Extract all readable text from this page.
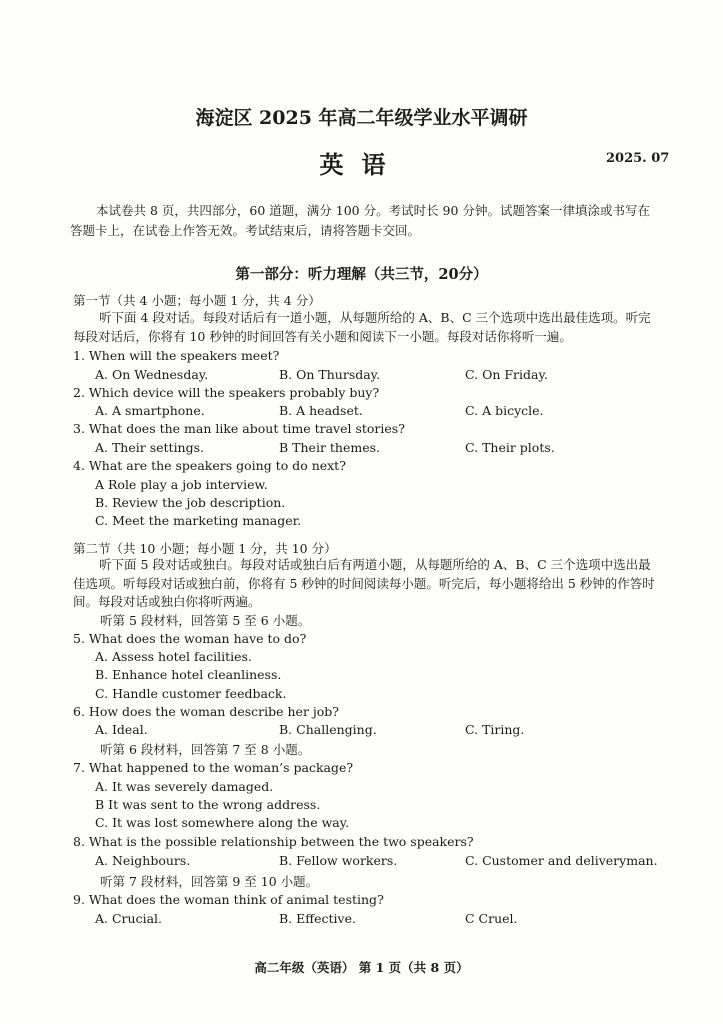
海淀区 2025 年高二年级学业水平调研
英语	2025. 07
本试卷共 8 页，共四部分，60 道题，满分 100 分。考试时长 90 分钟。试题答案一律填涂或书写在答题卡上，在试卷上作答无效。考试结束后，请将答题卡交回。
第一部分：听力理解（共三节，20分）
第一节（共 4 小题；每小题 1 分，共 4 分）
听下面 4 段对话。每段对话后有一道小题，从每题所给的 A、B、C 三个选项中选出最佳选项。听完每段对话后，你将有 10 秒钟的时间回答有关小题和阅读下一小题。每段对话你将听一遍。
1. When will the speakers meet?
A. On Wednesday.	B. On Thursday.	C. On Friday.
2. Which device will the speakers probably buy?
A. A smartphone.	B. A headset.	C. A bicycle.
3. What does the man like about time travel stories?
A. Their settings.	B Their themes.	C. Their plots.
4. What are the speakers going to do next?
A Role play a job interview.
B. Review the job description.
C. Meet the marketing manager.
第二节（共 10 小题；每小题 1 分，共 10 分）
听下面 5 段对话或独白。每段对话或独白后有两道小题，从每题所给的 A、B、C 三个选项中选出最佳选项。听每段对话或独白前，你将有 5 秒钟的时间阅读每小题。听完后，每小题将给出 5 秒钟的作答时间。每段对话或独白你将听两遍。
听第 5 段材料，回答第 5 至 6 小题。
5. What does the woman have to do?
A. Assess hotel facilities.
B. Enhance hotel cleanliness.
C. Handle customer feedback.
6. How does the woman describe her job?
A. Ideal.	B. Challenging.	C. Tiring.
听第 6 段材料，回答第 7 至 8 小题。
7. What happened to the woman’s package?
A. It was severely damaged.
B It was sent to the wrong address.
C. It was lost somewhere along the way.
8. What is the possible relationship between the two speakers?
A. Neighbours.	B. Fellow workers.	C. Customer and deliveryman.
听第 7 段材料，回答第 9 至 10 小题。
9. What does the woman think of animal testing?
A. Crucial.	B. Effective.	C Cruel.
高二年级（英语） 第 1 页（共 8 页）
